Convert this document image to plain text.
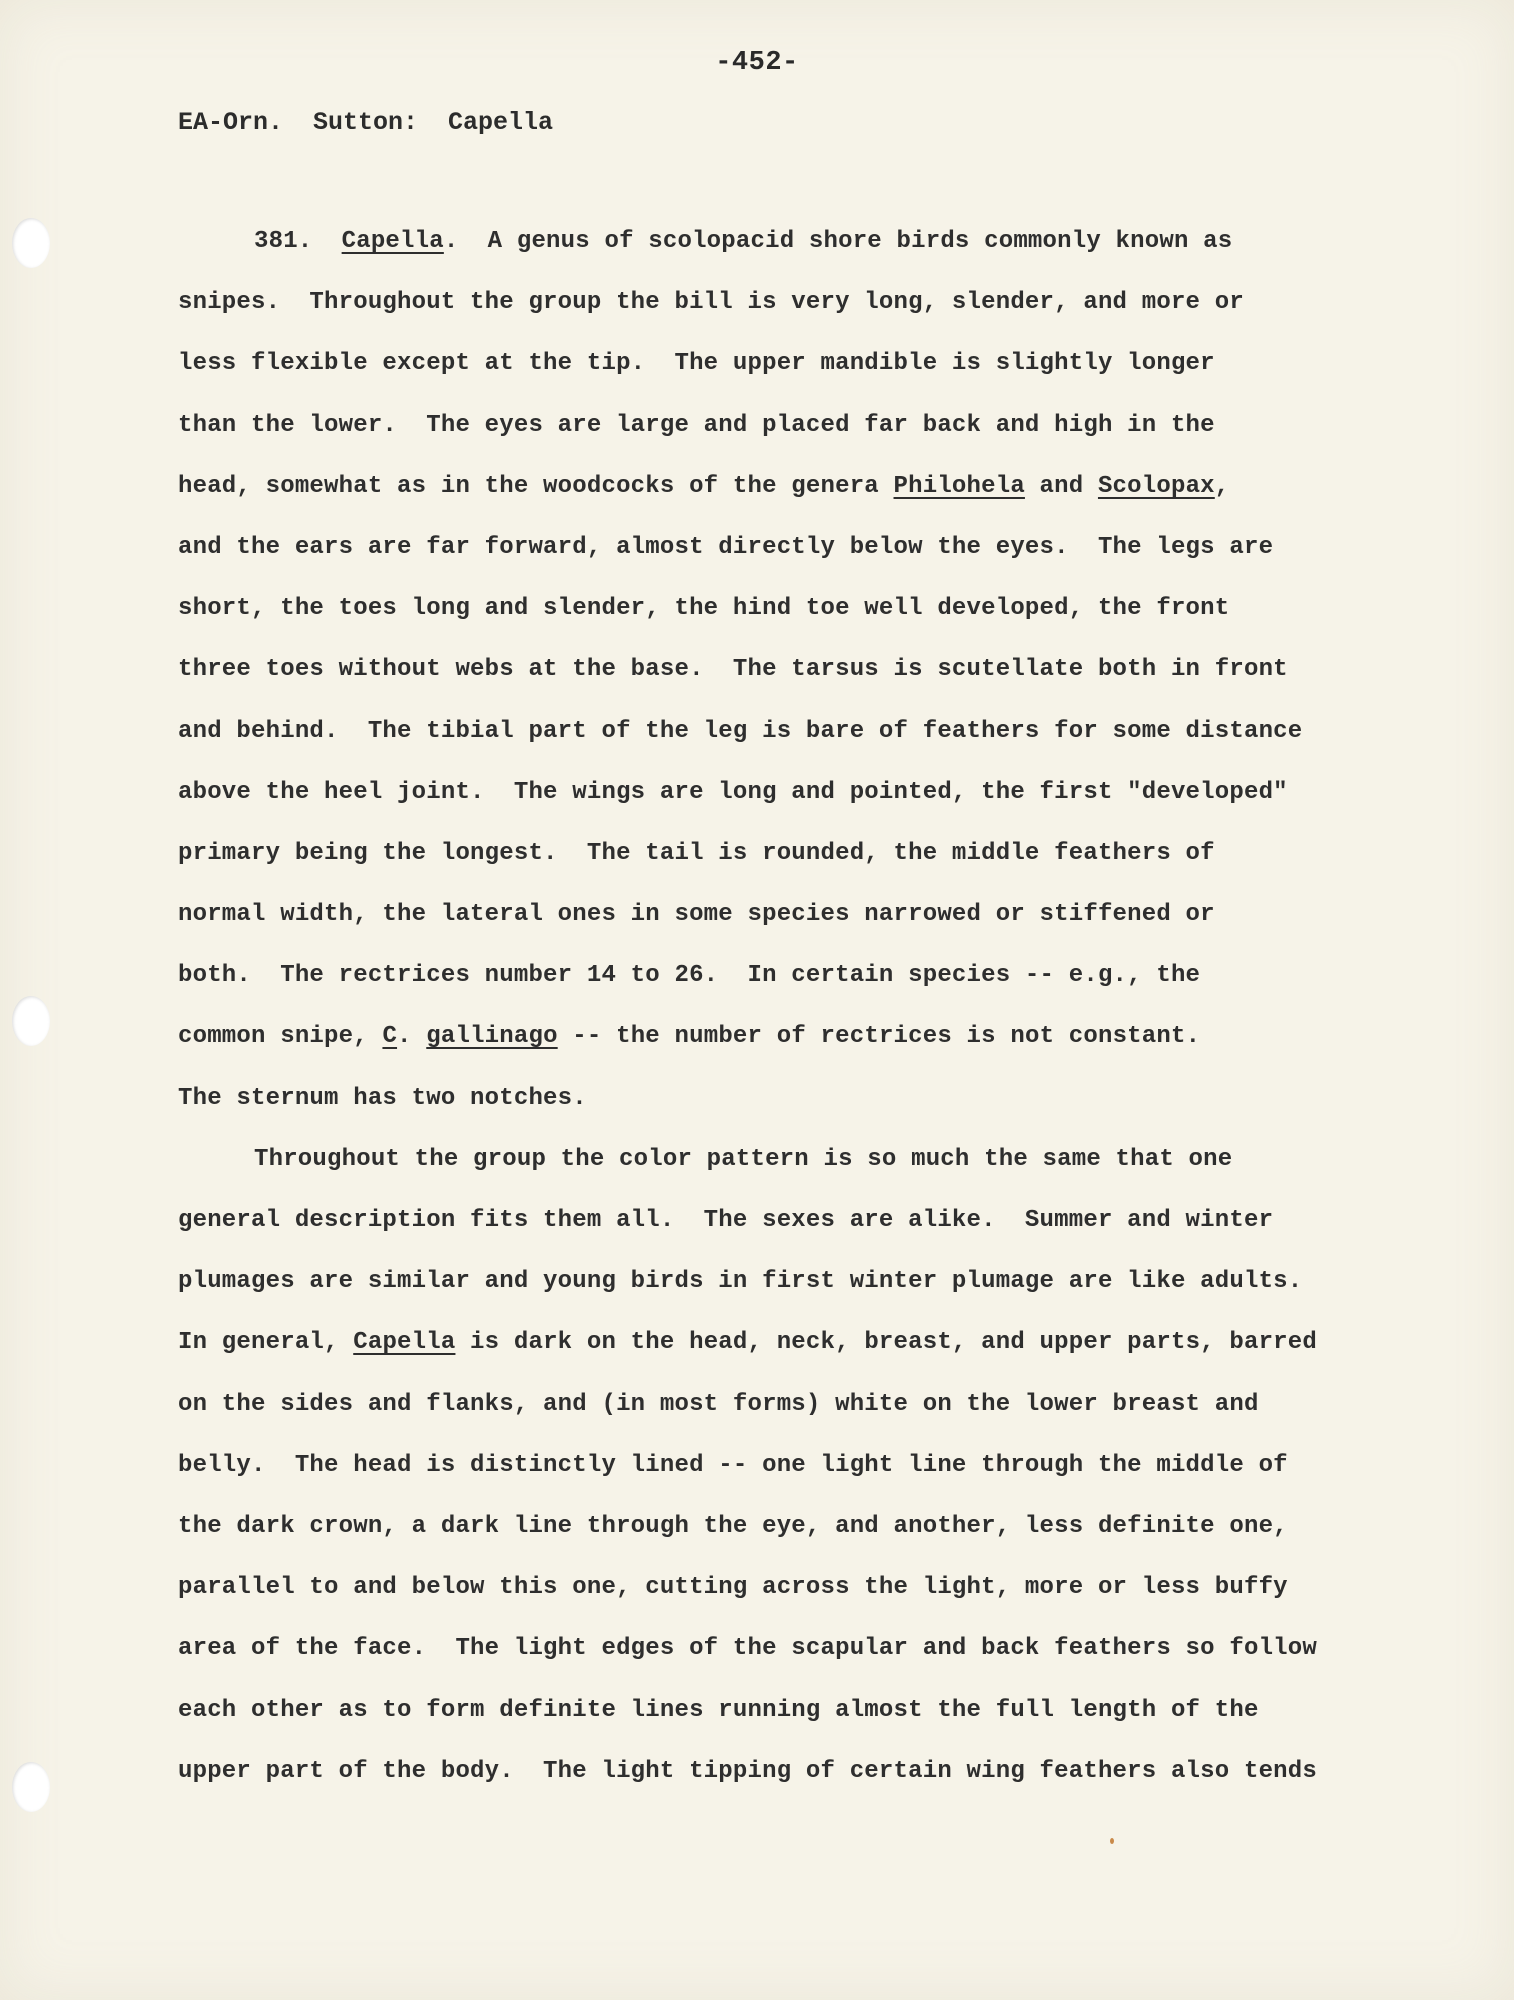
-452-
EA-Orn.  Sutton:  Capella
381.  Capella.  A genus of scolopacid shore birds commonly known as
snipes.  Throughout the group the bill is very long, slender, and more or
less flexible except at the tip.  The upper mandible is slightly longer
than the lower.  The eyes are large and placed far back and high in the
head, somewhat as in the woodcocks of the genera Philohela and Scolopax,
and the ears are far forward, almost directly below the eyes.  The legs are
short, the toes long and slender, the hind toe well developed, the front
three toes without webs at the base.  The tarsus is scutellate both in front
and behind.  The tibial part of the leg is bare of feathers for some distance
above the heel joint.  The wings are long and pointed, the first "developed"
primary being the longest.  The tail is rounded, the middle feathers of
normal width, the lateral ones in some species narrowed or stiffened or
both.  The rectrices number 14 to 26.  In certain species -- e.g., the
common snipe, C. gallinago -- the number of rectrices is not constant.
The sternum has two notches.
Throughout the group the color pattern is so much the same that one
general description fits them all.  The sexes are alike.  Summer and winter
plumages are similar and young birds in first winter plumage are like adults.
In general, Capella is dark on the head, neck, breast, and upper parts, barred
on the sides and flanks, and (in most forms) white on the lower breast and
belly.  The head is distinctly lined -- one light line through the middle of
the dark crown, a dark line through the eye, and another, less definite one,
parallel to and below this one, cutting across the light, more or less buffy
area of the face.  The light edges of the scapular and back feathers so follow
each other as to form definite lines running almost the full length of the
upper part of the body.  The light tipping of certain wing feathers also tends
